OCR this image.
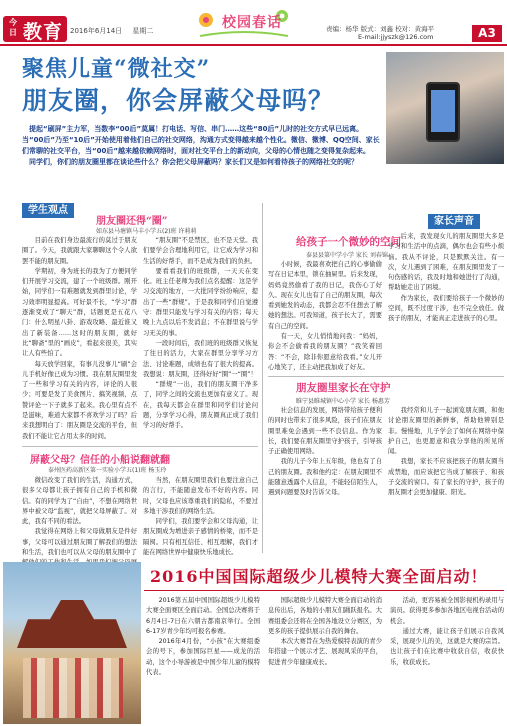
今日 教育 2016年6月14日 星期二	校园春话	责编：杨华 版式：刘鑫 校对：黄海平
E-mail:jjyszk@126.com	A3
聚焦儿童“微社交”
朋友圈，你会屏蔽父母吗？

提起“刷屏”主力军，当数李“00后”莫属！打电话、写信、串门……这些“80后”儿时的社交方式早已远离。当“00后”乃至“10后”开始使用着他们自己的社交网络，沟通方式变得越来越个性化。微信、微博、QQ空间、家长们常聊的社交平台，当“00后”越来越依赖网络时，面对社交平台上的新动向，父母的心情也随之变得复杂起来。

同学们，你们的朋友圈里都在谈论些什么？你会把父母屏蔽吗？家长们又是如何看待孩子的网络社交的呢？

学生观点
朋友圈还得“圈”
如东县马塘镇马丰小学五(2)班 许莉莉

目前在我们身边最流行的莫过于朋友圈了。今天，我就跟大家聊聊这个令人欲罢不能的朋友圈。

学期初，身为班长的我为了方便同学们开展学习交流，建了一个班级群。刚开始，同学们一有难题就发到群里讨论，学习效率明显提高。可好景不长，“学习”群逐渐变成了“聊天”群，话题更是五花八门：什么明星八卦、游戏攻略、最近谁又出了新装备……这时的朋友圈，就好比“聊斋”里的“画皮”，看起来很美，其实让人有些怕了。

每天放学回家，有事儿没事儿“刷”会儿手机好像已成为习惯。我在朋友圈里发了一些和学习有关的内容，评论的人很少；可要是发了美食图片、搞笑视频，点赞评论一下子就多了起来。我心里有点不是滋味，难道大家都不喜欢学习了吗？后来我想明白了：朋友圈是交流的平台，但我们不能让它占用太多的时间。

“朋友圈”不是禁区，也不是天堂。我们要学会合理地利用它，让它成为学习和生活的好帮手，而不是成为我们的负担。

要看看我们的班级群，一天天在变化。班主任老师为我们点名提醒：这是学习交流的地方，一大批同学纷纷响应，提出了一些“群规”。于是我和同学们自觉遵守：群里只能发与学习有关的内容；每天晚上九点以后不发消息；不在群里说与学习无关的事。

一段时间后，我们班的班级群又恢复了往日的活力，大家在群里分享学习方法、讨论难题，成绩也有了很大的提高。我想说：朋友圈，还得好好“圈”一“圈”！

“群规”一出，我们的朋友圈干净多了，同学之间的交流也更加有意义了。现在，我每天都会在群里和同学们讨论问题，分享学习心得，朋友圈真正成了我们学习的好帮手。

屏蔽父母？信任的小船说翻就翻
泰州医药高新区第一实验小学五(1)班 杨玉玲

微信改变了我们的生活，沟通方式，很多父母都让孩子拥有自己的手机和微信。有的同学为了“自由”，不想在网络世界中被父母“监视”，就把父母屏蔽了。对此，我有不同的看法。

我觉得在网络上和父母做朋友是件好事，父母可以通过朋友圈了解我们的想法和生活，我们也可以从父母的朋友圈中了

当然，在朋友圈里我们也要注意自己的言行，不能随意发布不好的内容。同时，父母也应该尊重我们的隐私，不要过多地干涉我们的网络生活。

同学们，我们要学会和父母沟通，让朋友圈成为增进亲子感情的桥梁，而不是隔阂。只有相互信任、相互理解，我们才能在网络世界中健康快乐地成长。

家长声音
给孩子一个微妙的空间
泰县县第中学小学 家长 刘春锦

小时候，我最喜欢把自己的心事偷偷写在日记本里，锁在抽屉里。后来发现，妈妈竟然偷看了我的日记，我伤心了好久。现在女儿也有了自己的朋友圈，每次看到她发的动态，我都会忍不住想去了解她的想法。可我知道，孩子长大了，需要有自己的空间。

有一天，女儿悄悄地问我：“妈妈，你会不会偷看我的朋友圈？”我笑着回答：“不会，除非你愿意给我看。”女儿开心地笑了，还主动把我加成了好友。

后来，我发现女儿的朋友圈里大多是学习和生活中的点滴，偶尔也会有些小烦恼。我从不评论，只是默默关注。有一次，女儿遇到了困难，在朋友圈里发了一句伤感的话，我及时地和她进行了沟通，帮助她走出了困境。

作为家长，我们要给孩子一个微妙的空间，既不过度干涉，也不完全放任。做孩子的朋友，才能真正走进孩子的心里。

朋友圈里家长在守护
睢宁县睢城镇中心小学 家长 杨惠芳

社会信息的发展，网络带给孩子便利的同时也带来了很多风险，孩子们在朋友圈里难免会遇到一些不良信息。作为家长，我们要在朋友圈里守护孩子，引导孩子正确使用网络。

我的儿子今年上五年级，他也有了自己的朋友圈。我和他约定：在朋友圈里不能随意透露个人信息，不能轻信陌生人，遇到问题要及时告诉父母。

我经常和儿子一起浏览朋友圈，和他讨论朋友圈里的新鲜事，帮助他辨别是非。慢慢地，儿子学会了如何在网络中保护自己，也更愿意和我分享他的所见所闻。

我想，家长不应该把孩子的朋友圈当成禁地，而应该把它当成了解孩子、和孩子交流的窗口。有了家长的守护，孩子的朋友圈才会更加健康、阳光。

2016中国国际超级少儿模特大赛全面启动！

2016第五届中国国际超级少儿模特大赛全面赛区全面启动。全国总决赛将于6月4日-7日在六朝古都南京举行。全国6-17岁青少年均可报名参赛。

2016年4月份，“小孩”在大赛组委会的号下，参加国际巨星——成龙的活动，这个小导游被是中国少年儿童的模特代表。

国际超级少儿模特大赛全面启动的消息传出后，各地的小朋友们踊跃报名。大赛组委会还将在全国各地设立分赛区，为更多的孩子提供展示自我的舞台。

本次大赛旨在为热爱模特表演的青少年搭建一个展示才艺、展现风采的平台，促进青少年健康成长。

活动，更容易被全国影视机构录用与演员。获得更多参加各地区电视台活动的机会。

通过大赛，能让孩子们展示自我风采，展现少儿的美，这就是大赛的宗旨。也让孩子们在比赛中收获自信，收获快乐，收获成长。
